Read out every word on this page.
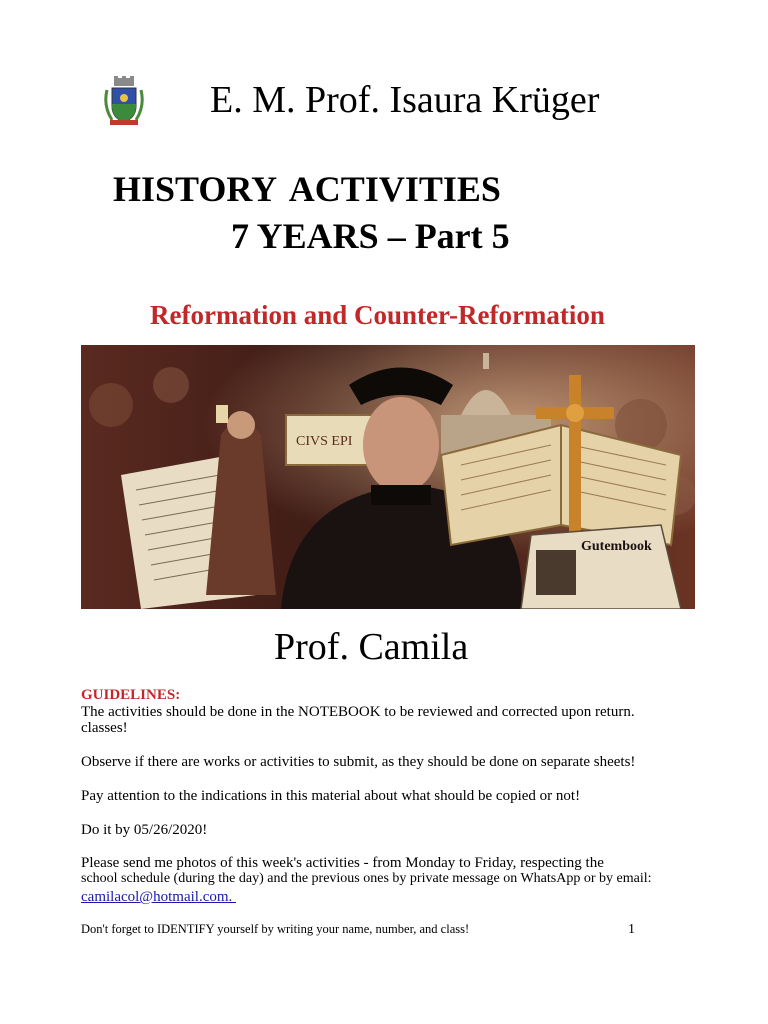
E. M. Prof. Isaura Krüger
HISTORY ACTIVITIES
7 YEARS – Part 5
Reformation and Counter-Reformation
CIVS EPI
Gutembook
Prof. Camila
GUIDELINES:
The activities should be done in the NOTEBOOK to be reviewed and corrected upon return.
classes!
Observe if there are works or activities to submit, as they should be done on separate sheets!
Pay attention to the indications in this material about what should be copied or not!
Do it by 05/26/2020!
Please send me photos of this week's activities - from Monday to Friday, respecting the
school schedule (during the day) and the previous ones by private message on WhatsApp or by email:
camilacol@hotmail.com.
Don't forget to IDENTIFY yourself by writing your name, number, and class!	1
